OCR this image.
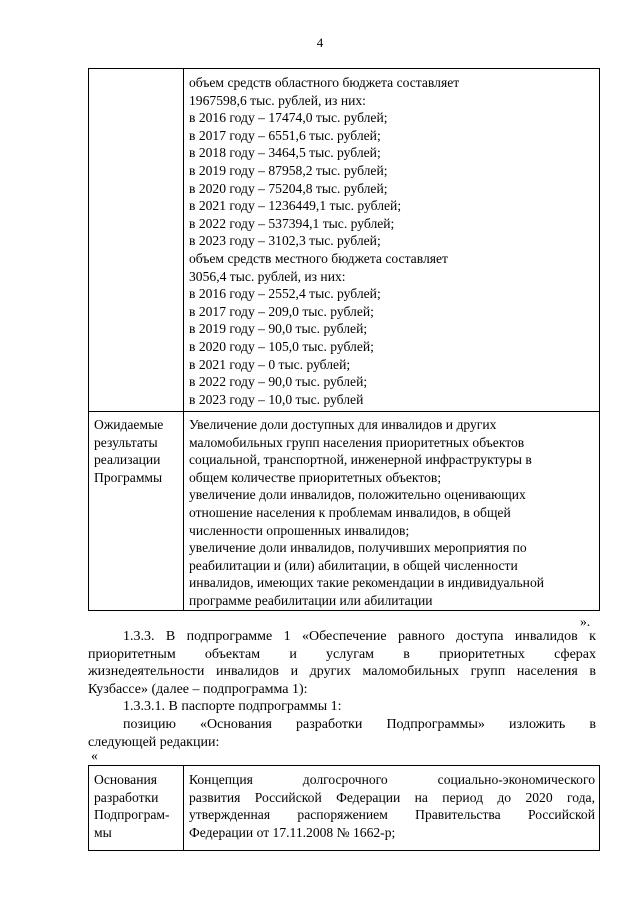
4
объем средств областного бюджета составляет
1967598,6 тыс. рублей, из них:
в 2016 году – 17474,0 тыс. рублей;
в 2017 году – 6551,6 тыс. рублей;
в 2018 году – 3464,5 тыс. рублей;
в 2019 году – 87958,2 тыс. рублей;
в 2020 году – 75204,8 тыс. рублей;
в 2021 году – 1236449,1 тыс. рублей;
в 2022 году – 537394,1 тыс. рублей;
в 2023 году – 3102,3 тыс. рублей;
объем средств местного бюджета составляет
3056,4 тыс. рублей, из них:
в 2016 году – 2552,4 тыс. рублей;
в 2017 году – 209,0 тыс. рублей;
в 2019 году – 90,0 тыс. рублей;
в 2020 году – 105,0 тыс. рублей;
в 2021 году – 0 тыс. рублей;
в 2022 году – 90,0 тыс. рублей;
в 2023 году – 10,0 тыс. рублей
Ожидаемые
результаты
реализации
Программы
Увеличение доли доступных для инвалидов и других
маломобильных групп населения приоритетных объектов
социальной, транспортной, инженерной инфраструктуры в
общем количестве приоритетных объектов;
увеличение доли инвалидов, положительно оценивающих
отношение населения к проблемам инвалидов, в общей
численности опрошенных инвалидов;
увеличение доли инвалидов, получивших мероприятия по
реабилитации и (или) абилитации, в общей численности
инвалидов, имеющих такие рекомендации в индивидуальной
программе реабилитации или абилитации
».

1.3.3. В подпрограмме 1 «Обеспечение равного доступа инвалидов к

приоритетным объектам и услугам в приоритетных сферах

жизнедеятельности инвалидов и других маломобильных групп населения в

Кузбассе» (далее – подпрограмма 1):

1.3.3.1. В паспорте подпрограммы 1:

позицию «Основания разработки Подпрограммы» изложить в

следующей редакции:

«
Основания
разработки
Подпрограм-
мы
Концепция долгосрочного социально-экономического
развития Российской Федерации на период до 2020 года,
утвержденная распоряжением Правительства Российской
Федерации от 17.11.2008 № 1662-р;
